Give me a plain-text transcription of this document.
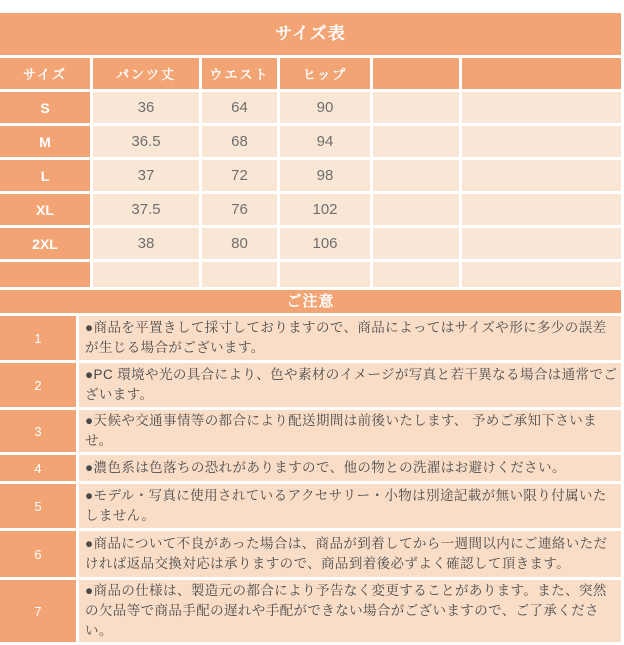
サイズ表
サイズ	パンツ丈	ウエスト	ヒップ		
S	36	64	90		
M	36.5	68	94		
L	37	72	98		
XL	37.5	76	102		
2XL	38	80	106		

ご注意
1	●商品を平置きして採寸しておりますので、商品によってはサイズや形に多少の誤差が生じる場合がございます。
2	●PC 環境や光の具合により、色や素材のイメージが写真と若干異なる場合は通常でございます。
3	●天候や交通事情等の都合により配送期間は前後いたします、 予めご承知下さいませ。
4	●濃色系は色落ちの恐れがありますので、他の物との洗濯はお避けください。
5	●モデル・写真に使用されているアクセサリー・小物は別途記載が無い限り付属いたしません。
6	●商品について不良があった場合は、商品が到着してから一週間以内にご連絡いただければ返品交換対応は承りますので、商品到着後必ずよく確認して頂きます。
7	●商品の仕様は、製造元の都合により予告なく変更することがあります。また、突然の欠品等で商品手配の遅れや手配ができない場合がございますので、ご了承ください。
